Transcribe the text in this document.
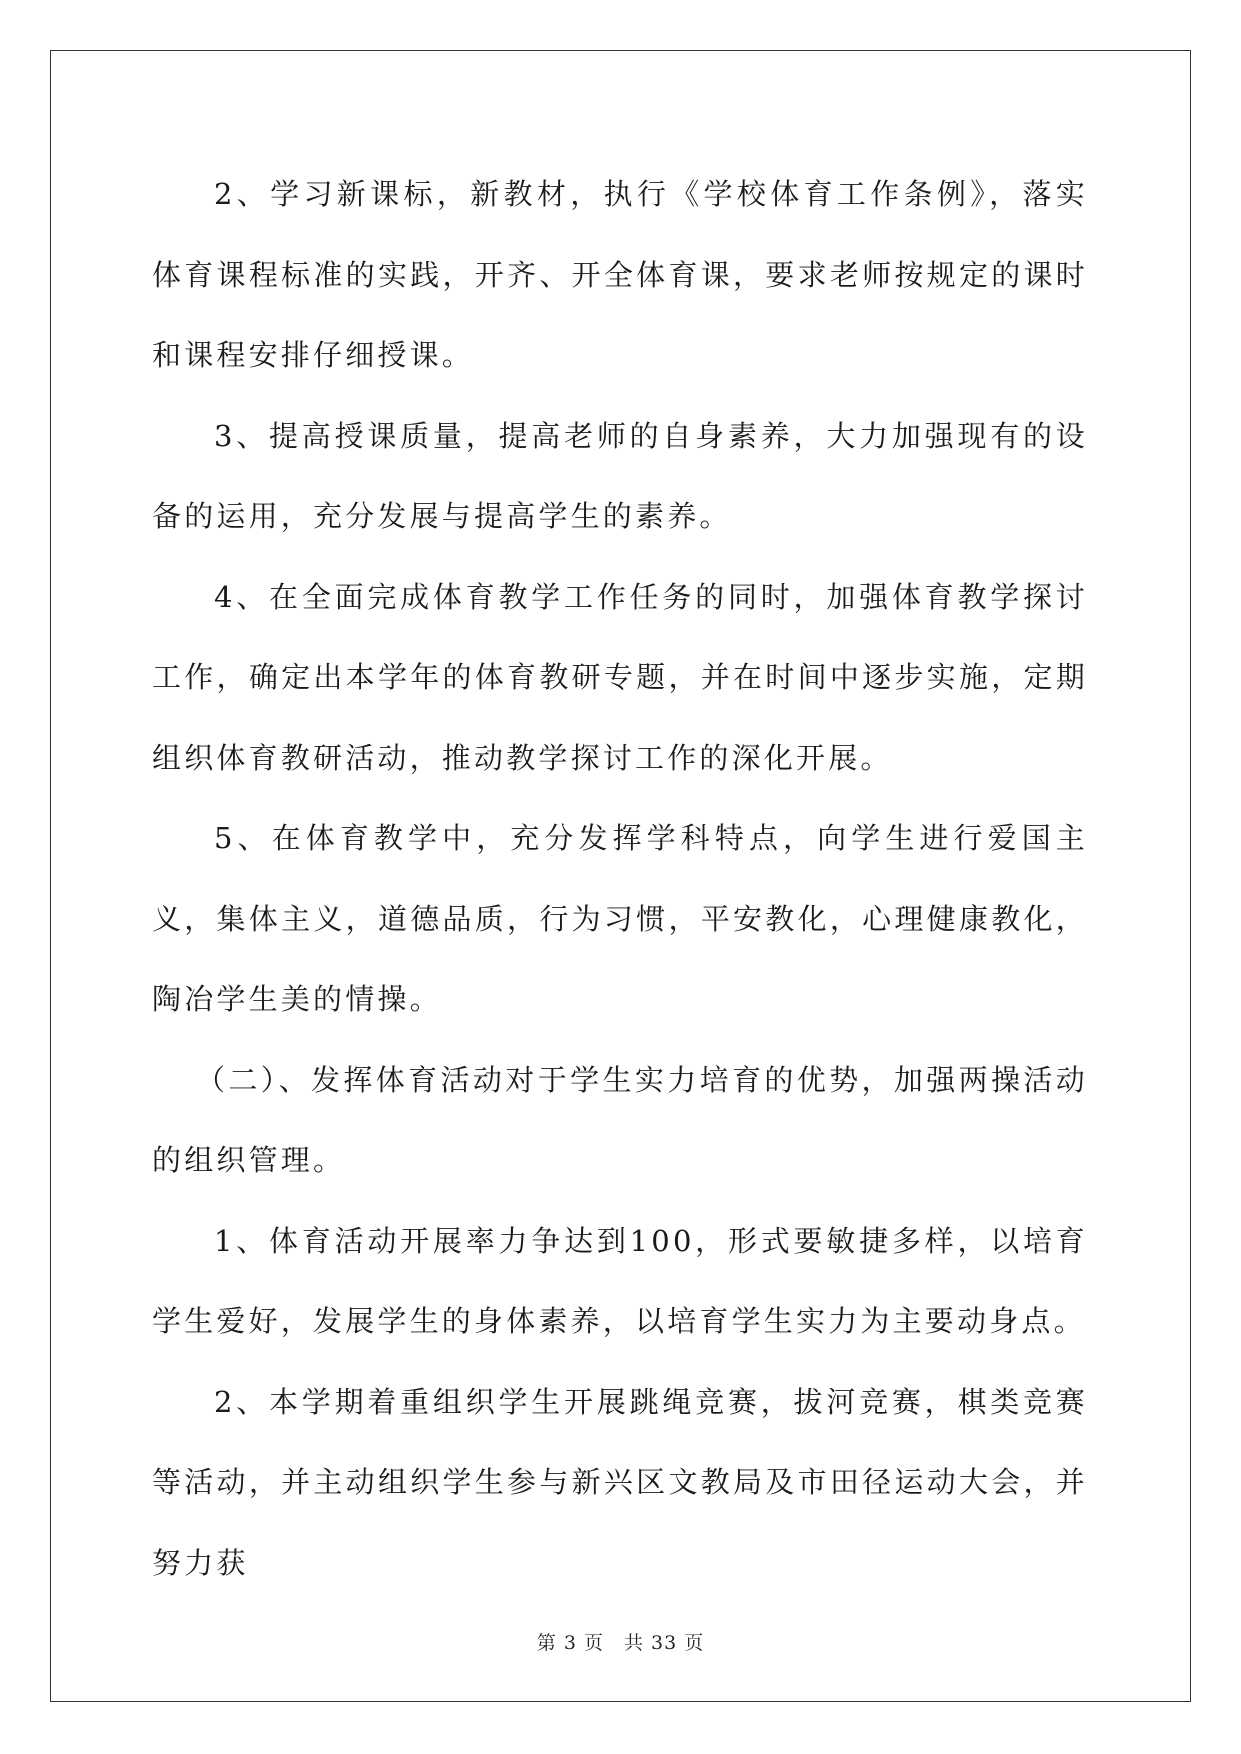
2、学习新课标，新教材，执行《学校体育工作条例》，落实体育课程标准的实践，开齐、开全体育课，要求老师按规定的课时和课程安排仔细授课。

3、提高授课质量，提高老师的自身素养，大力加强现有的设备的运用，充分发展与提高学生的素养。

4、在全面完成体育教学工作任务的同时，加强体育教学探讨工作，确定出本学年的体育教研专题，并在时间中逐步实施，定期组织体育教研活动，推动教学探讨工作的深化开展。

5、在体育教学中，充分发挥学科特点，向学生进行爱国主义，集体主义，道德品质，行为习惯，平安教化，心理健康教化，陶冶学生美的情操。

（二）、发挥体育活动对于学生实力培育的优势，加强两操活动的组织管理。

1、体育活动开展率力争达到100，形式要敏捷多样，以培育学生爱好，发展学生的身体素养，以培育学生实力为主要动身点。

2、本学期着重组织学生开展跳绳竞赛，拔河竞赛，棋类竞赛等活动，并主动组织学生参与新兴区文教局及市田径运动大会，并努力获

第 3 页　共 33 页
